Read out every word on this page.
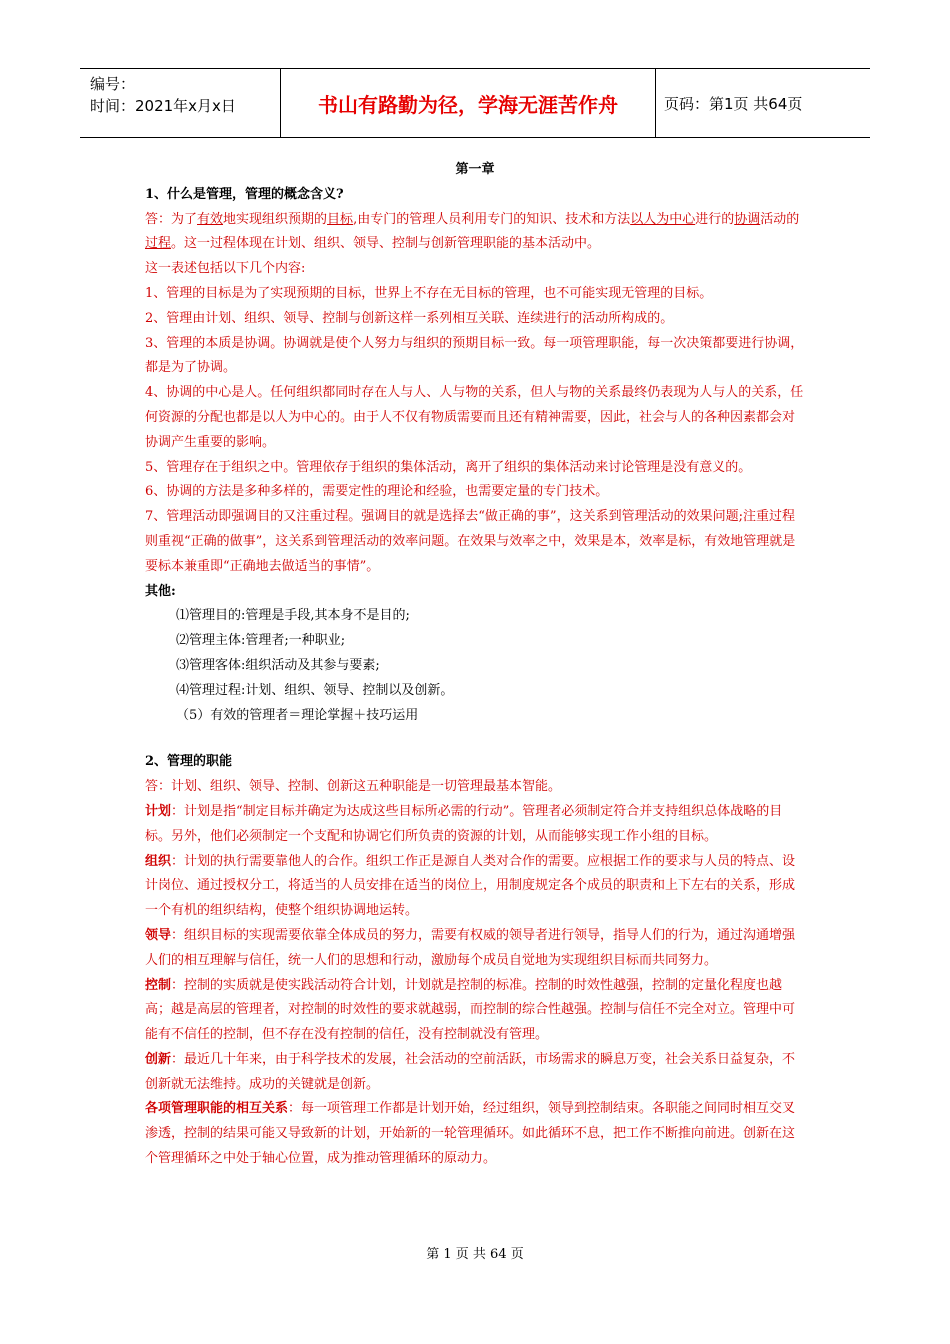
编号：
时间：2021年x月x日	书山有路勤为径，学海无涯苦作舟	页码：第1页 共64页

第一章

1、什么是管理，管理的概念含义?

答：为了有效地实现组织预期的目标,由专门的管理人员利用专门的知识、技术和方法以人为中心进行的协调活动的过程。这一过程体现在计划、组织、领导、控制与创新管理职能的基本活动中。

这一表述包括以下几个内容:

1、管理的目标是为了实现预期的目标，世界上不存在无目标的管理，也不可能实现无管理的目标。

2、管理由计划、组织、领导、控制与创新这样一系列相互关联、连续进行的活动所构成的。

3、管理的本质是协调。协调就是使个人努力与组织的预期目标一致。每一项管理职能，每一次决策都要进行协调，都是为了协调。

4、协调的中心是人。任何组织都同时存在人与人、人与物的关系，但人与物的关系最终仍表现为人与人的关系，任何资源的分配也都是以人为中心的。由于人不仅有物质需要而且还有精神需要，因此，社会与人的各种因素都会对协调产生重要的影响。

5、管理存在于组织之中。管理依存于组织的集体活动，离开了组织的集体活动来讨论管理是没有意义的。

6、协调的方法是多种多样的，需要定性的理论和经验，也需要定量的专门技术。

7、管理活动即强调目的又注重过程。强调目的就是选择去“做正确的事”，这关系到管理活动的效果问题;注重过程则重视“正确的做事”，这关系到管理活动的效率问题。在效果与效率之中，效果是本，效率是标，有效地管理就是要标本兼重即“正确地去做适当的事情”。

其他:

⑴管理目的:管理是手段,其本身不是目的;

⑵管理主体:管理者;一种职业;

⑶管理客体:组织活动及其参与要素;

⑷管理过程:计划、组织、领导、控制以及创新。

（5）有效的管理者＝理论掌握＋技巧运用

2、管理的职能

答：计划、组织、领导、控制、创新这五种职能是一切管理最基本智能。

计划：计划是指“制定目标并确定为达成这些目标所必需的行动”。管理者必须制定符合并支持组织总体战略的目标。另外，他们必须制定一个支配和协调它们所负责的资源的计划，从而能够实现工作小组的目标。

组织：计划的执行需要靠他人的合作。组织工作正是源自人类对合作的需要。应根据工作的要求与人员的特点、设计岗位、通过授权分工，将适当的人员安排在适当的岗位上，用制度规定各个成员的职责和上下左右的关系，形成一个有机的组织结构，使整个组织协调地运转。

领导：组织目标的实现需要依靠全体成员的努力，需要有权威的领导者进行领导，指导人们的行为，通过沟通增强人们的相互理解与信任，统一人们的思想和行动，激励每个成员自觉地为实现组织目标而共同努力。

控制：控制的实质就是使实践活动符合计划，计划就是控制的标准。控制的时效性越强，控制的定量化程度也越高；越是高层的管理者，对控制的时效性的要求就越弱，而控制的综合性越强。控制与信任不完全对立。管理中可能有不信任的控制，但不存在没有控制的信任，没有控制就没有管理。

创新：最近几十年来，由于科学技术的发展，社会活动的空前活跃，市场需求的瞬息万变，社会关系日益复杂，不创新就无法维持。成功的关键就是创新。

各项管理职能的相互关系：每一项管理工作都是计划开始，经过组织，领导到控制结束。各职能之间同时相互交叉渗透，控制的结果可能又导致新的计划，开始新的一轮管理循环。如此循环不息，把工作不断推向前进。创新在这个管理循环之中处于轴心位置，成为推动管理循环的原动力。

第 1 页 共 64 页
